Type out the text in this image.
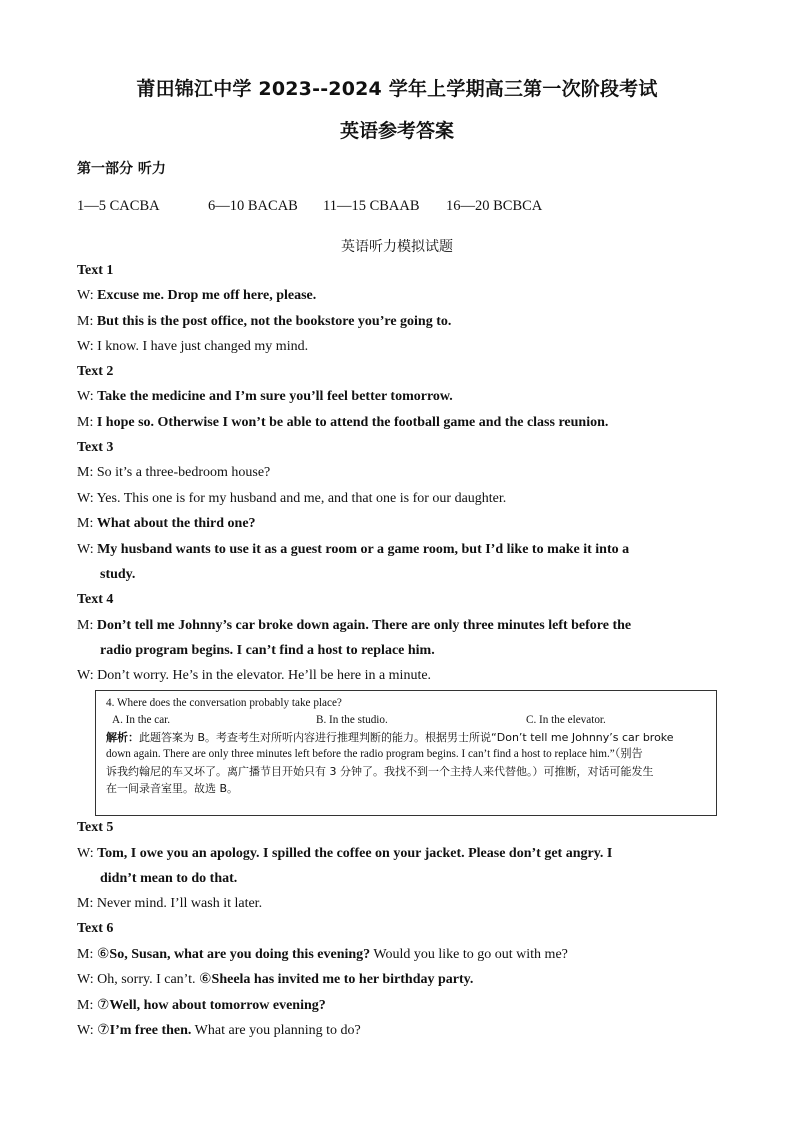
莆田锦江中学 2023--2024 学年上学期高三第一次阶段考试
英语参考答案
第一部分 听力
1—5 CACBA	6—10 BACAB 11—15 CBAAB 16—20 BCBCA
英语听力模拟试题
Text 1
W: Excuse me. Drop me off here, please.
M: But this is the post office, not the bookstore you’re going to.
W: I know. I have just changed my mind.
Text 2
W: Take the medicine and I’m sure you’ll feel better tomorrow.
M: I hope so. Otherwise I won’t be able to attend the football game and the class reunion.
Text 3
M: So it’s a three-bedroom house?
W: Yes. This one is for my husband and me, and that one is for our daughter.
M: What about the third one?
W: My husband wants to use it as a guest room or a game room, but I’d like to make it into a
study.
Text 4
M: Don’t tell me Johnny’s car broke down again. There are only three minutes left before the
radio program begins. I can’t find a host to replace him.
W: Don’t worry. He’s in the elevator. He’ll be here in a minute.
4. Where does the conversation probably take place?
A. In the car.	B. In the studio.	C. In the elevator.
解析：此题答案为 B。考查考生对所听内容进行推理判断的能力。根据男士所说“Don’t tell me Johnny’s car broke
down again. There are only three minutes left before the radio program begins. I can’t find a host to replace him.”（别告
诉我约翰尼的车又坏了。离广播节目开始只有 3 分钟了。我找不到一个主持人来代替他。）可推断，对话可能发生
在一间录音室里。故选 B。
Text 5
W: Tom, I owe you an apology. I spilled the coffee on your jacket. Please don’t get angry. I
didn’t mean to do that.
M: Never mind. I’ll wash it later.
Text 6
M: ⑥So, Susan, what are you doing this evening? Would you like to go out with me?
W: Oh, sorry. I can’t. ⑥Sheela has invited me to her birthday party.
M: ⑦Well, how about tomorrow evening?
W: ⑦I’m free then. What are you planning to do?
